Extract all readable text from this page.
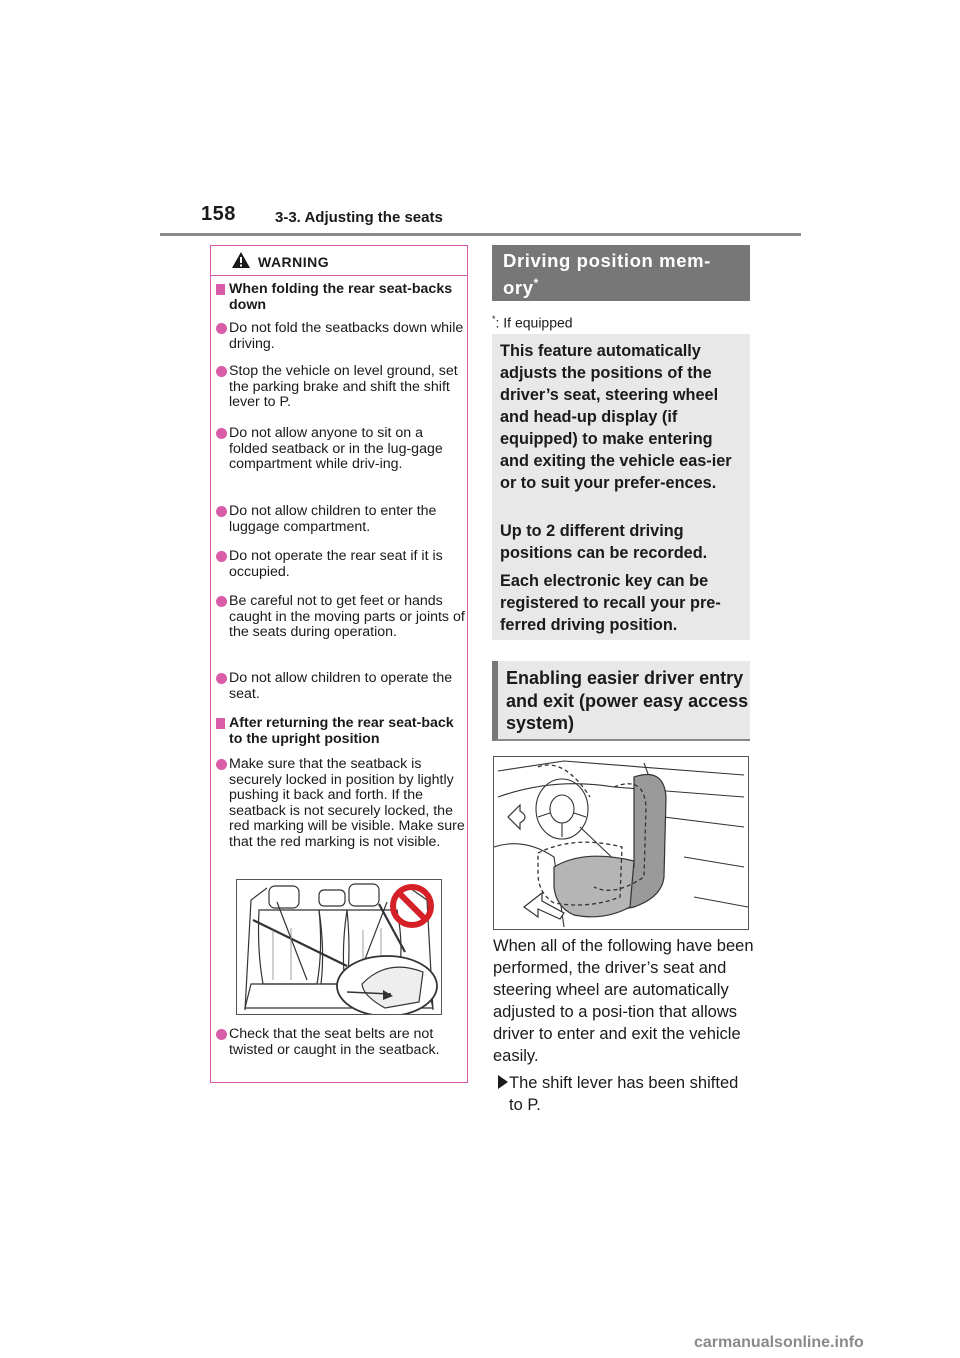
158	3-3. Adjusting the seats
WARNING
When folding the rear seat-backs down
Do not fold the seatbacks down while driving.
Stop the vehicle on level ground, set the parking brake and shift the shift lever to P.
Do not allow anyone to sit on a folded seatback or in the lug-gage compartment while driv-ing.
Do not allow children to enter the luggage compartment.
Do not operate the rear seat if it is occupied.
Be careful not to get feet or hands caught in the moving parts or joints of the seats during operation.
Do not allow children to operate the seat.
After returning the rear seat-back to the upright position
Make sure that the seatback is securely locked in position by lightly pushing it back and forth. If the seatback is not securely locked, the red marking will be visible. Make sure that the red marking is not visible.
Check that the seat belts are not twisted or caught in the seatback.
Driving position mem-
ory*
*: If equipped
This feature automatically adjusts the positions of the driver’s seat, steering wheel and head-up display (if equipped) to make entering and exiting the vehicle eas-ier or to suit your prefer-ences.
Up to 2 different driving positions can be recorded.
Each electronic key can be registered to recall your pre-ferred driving position.
Enabling easier driver entry and exit (power easy access system)
When all of the following have been performed, the driver’s seat and steering wheel are automatically adjusted to a posi-tion that allows driver to enter and exit the vehicle easily.
The shift lever has been shifted to P.
carmanualsonline.info
